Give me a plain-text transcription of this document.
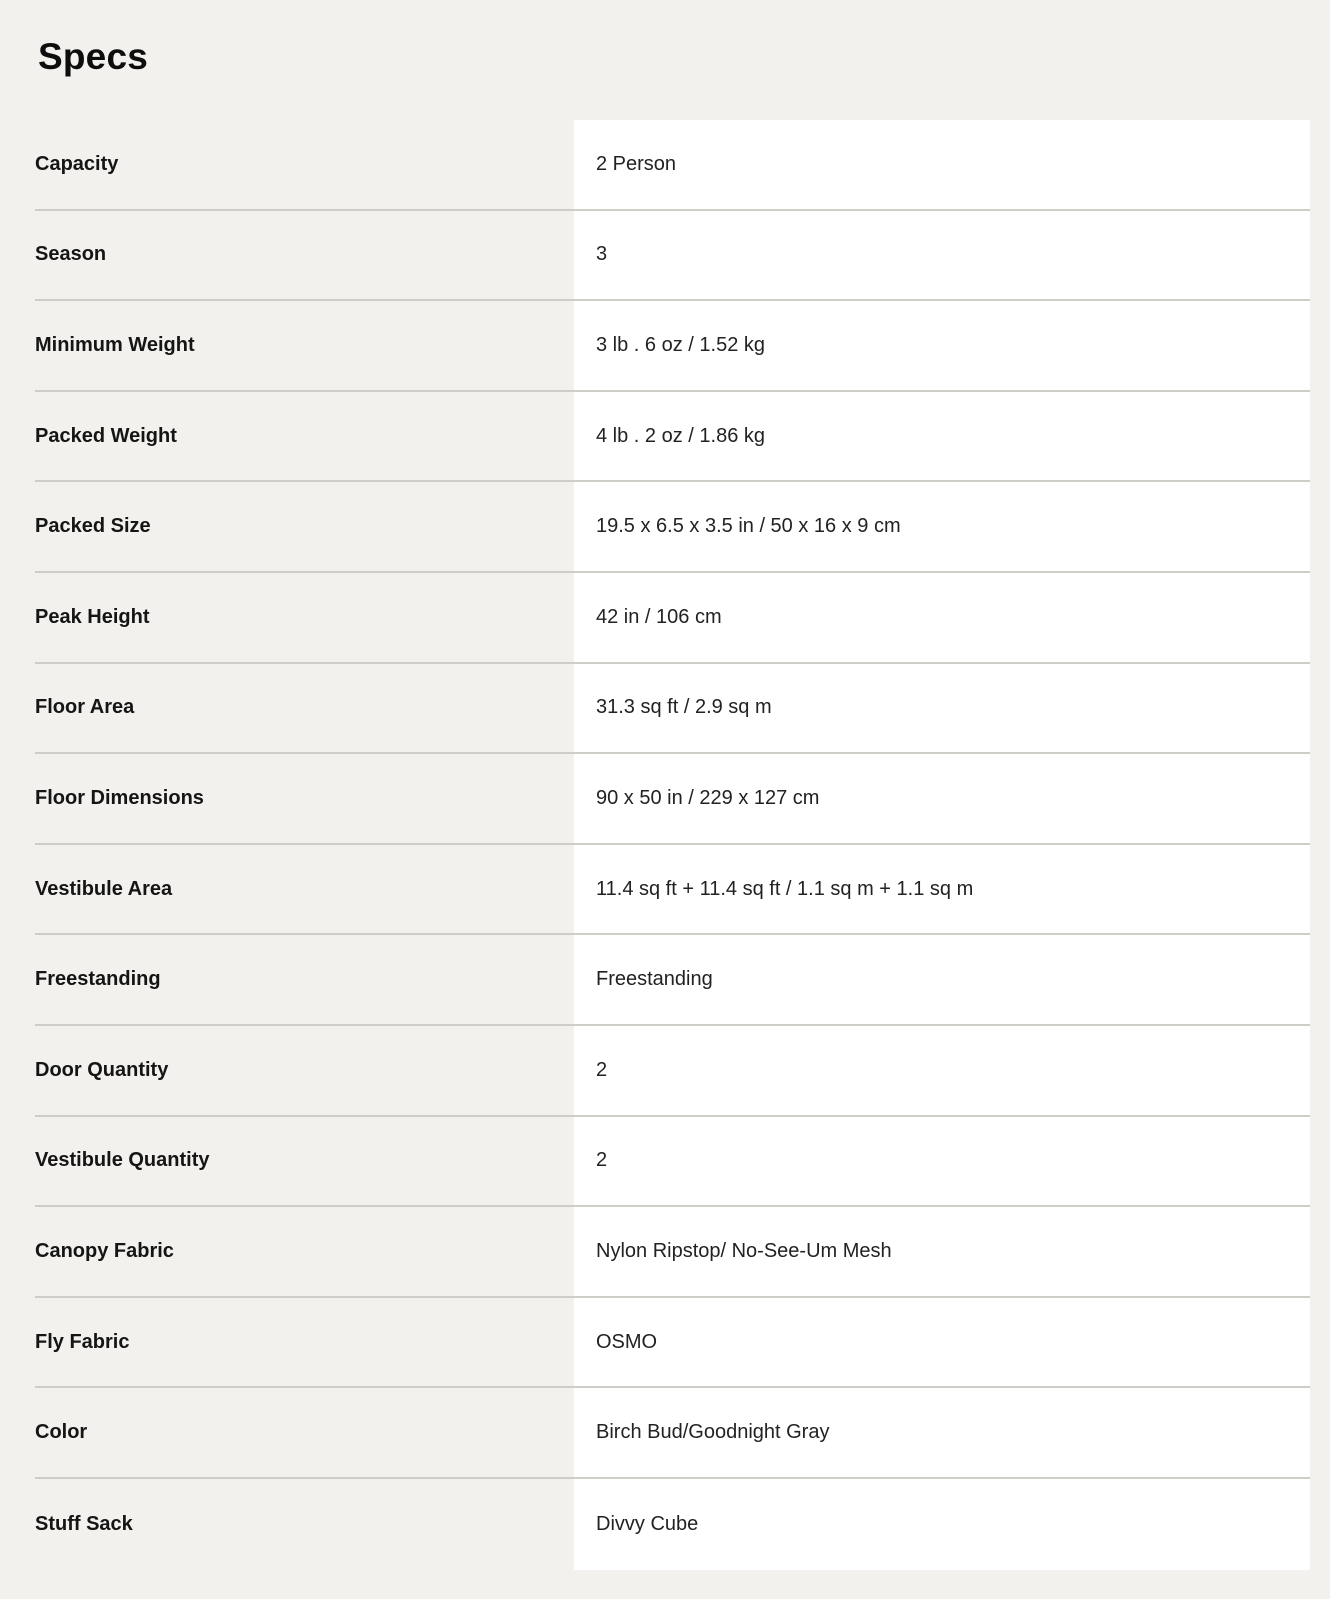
Specs
Capacity	2 Person
Season	3
Minimum Weight	3 lb . 6 oz / 1.52 kg
Packed Weight	4 lb . 2 oz / 1.86 kg
Packed Size	19.5 x 6.5 x 3.5 in / 50 x 16 x 9 cm
Peak Height	42 in / 106 cm
Floor Area	31.3 sq ft / 2.9 sq m
Floor Dimensions	90 x 50 in / 229 x 127 cm
Vestibule Area	11.4 sq ft + 11.4 sq ft / 1.1 sq m + 1.1 sq m
Freestanding	Freestanding
Door Quantity	2
Vestibule Quantity	2
Canopy Fabric	Nylon Ripstop/ No-See-Um Mesh
Fly Fabric	OSMO
Color	Birch Bud/Goodnight Gray
Stuff Sack	Divvy Cube
